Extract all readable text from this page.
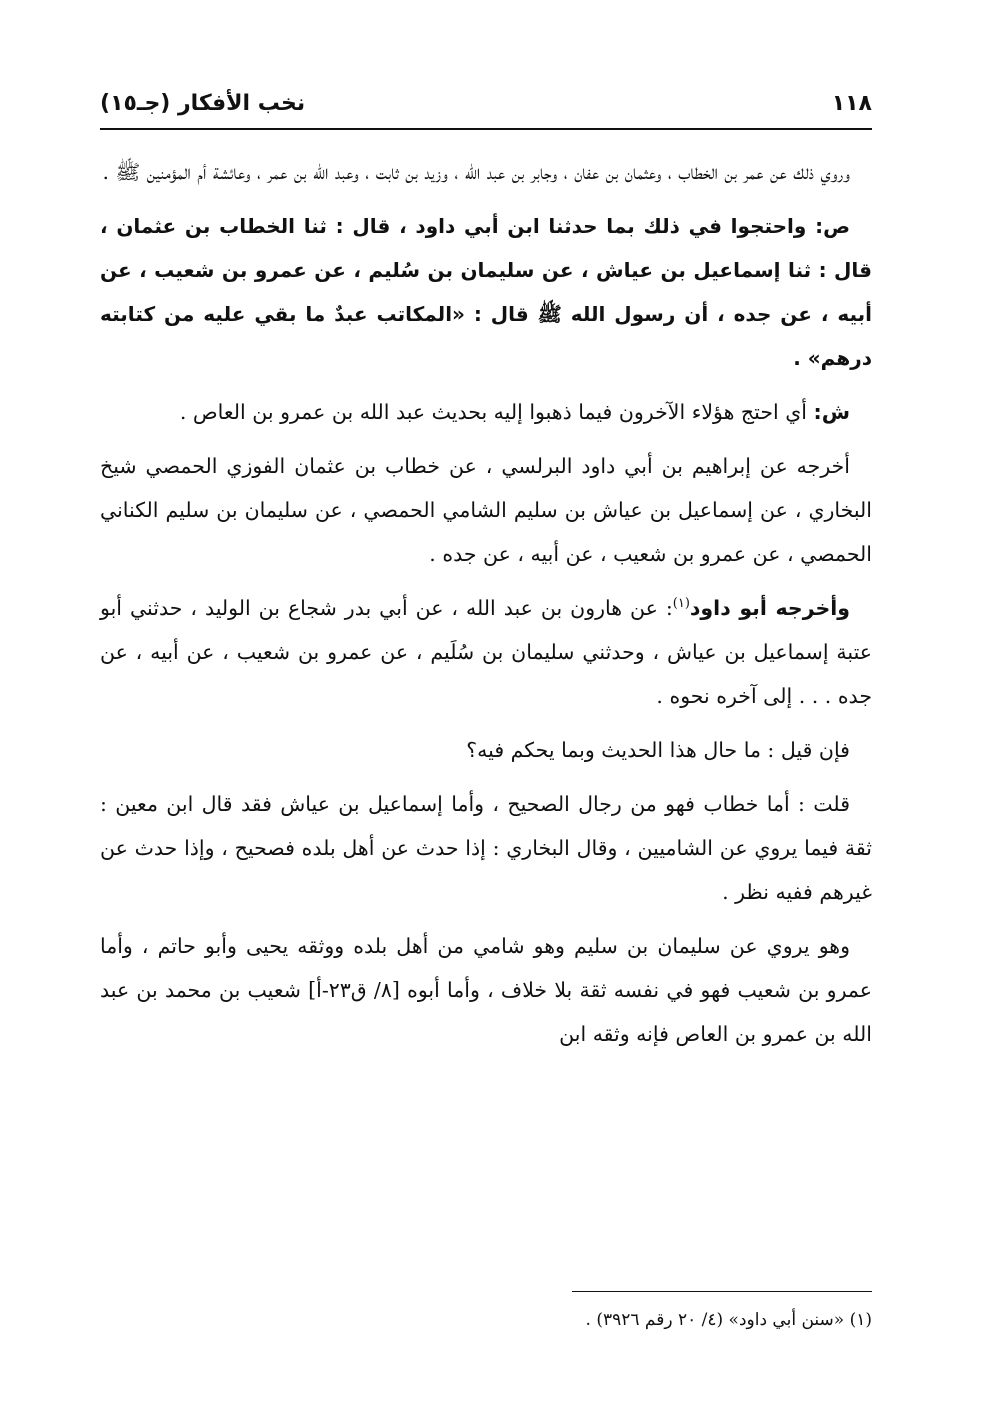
١١٨
نخب الأفكار (جـ١٥)

وروي ذلك عن عمر بن الخطاب ، وعثمان بن عفان ، وجابر بن عبد الله ، وزيد بن ثابت ، وعبد الله بن عمر ، وعائشة أم المؤمنين ﷺ .

ص: واحتجوا في ذلك بما حدثنا ابن أبي داود ، قال : ثنا الخطاب بن عثمان ، قال : ثنا إسماعيل بن عياش ، عن سليمان بن سُليم ، عن عمرو بن شعيب ، عن أبيه ، عن جده ، أن رسول الله ﷺ قال : «المكاتب عبدٌ ما بقي عليه من كتابته درهم» .

ش: أي احتج هؤلاء الآخرون فيما ذهبوا إليه بحديث عبد الله بن عمرو بن العاص .

أخرجه عن إبراهيم بن أبي داود البرلسي ، عن خطاب بن عثمان الفوزي الحمصي شيخ البخاري ، عن إسماعيل بن عياش بن سليم الشامي الحمصي ، عن سليمان بن سليم الكناني الحمصي ، عن عمرو بن شعيب ، عن أبيه ، عن جده .

وأخرجه أبو داود$^{(١)}$: عن هارون بن عبد الله ، عن أبي بدر شجاع بن الوليد ، حدثني أبو عتبة إسماعيل بن عياش ، وحدثني سليمان بن سُلَيم ، عن عمرو بن شعيب ، عن أبيه ، عن جده . . . إلى آخره نحوه .

فإن قيل : ما حال هذا الحديث وبما يحكم فيه؟

قلت : أما خطاب فهو من رجال الصحيح ، وأما إسماعيل بن عياش فقد قال ابن معين : ثقة فيما يروي عن الشاميين ، وقال البخاري : إذا حدث عن أهل بلده فصحيح ، وإذا حدث عن غيرهم ففيه نظر .

وهو يروي عن سليمان بن سليم وهو شامي من أهل بلده ووثقه يحيى وأبو حاتم ، وأما عمرو بن شعيب فهو في نفسه ثقة بلا خلاف ، وأما أبوه [٨/ ق٢٣-أ] شعيب بن محمد بن عبد الله بن عمرو بن العاص فإنه وثقه ابن

(١) «سنن أبي داود» (٤/ ٢٠ رقم ٣٩٢٦) .
